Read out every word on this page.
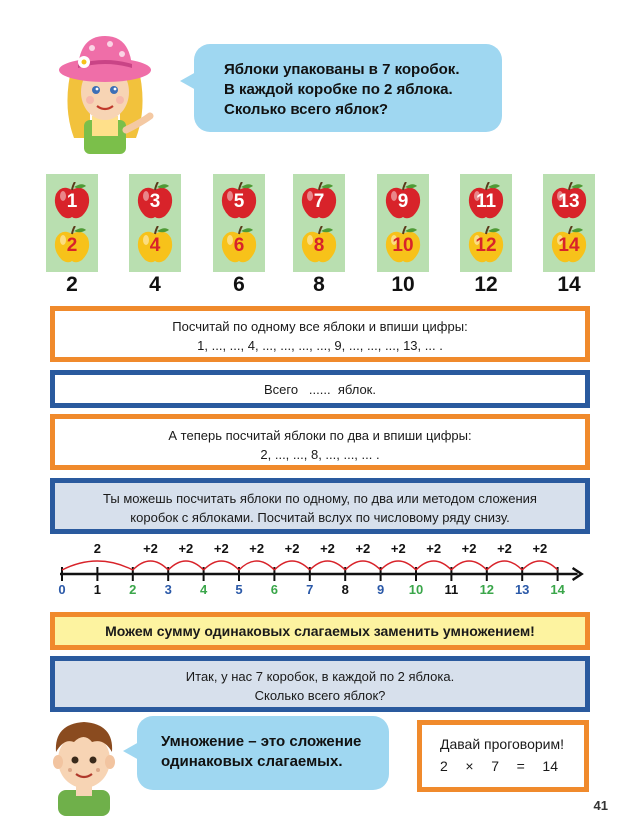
Яблоки упакованы в 7 коробок.
В каждой коробке по 2 яблока.
Сколько всего яблок?
1
2
2
3
4
4
5
6
6
7
8
8
9
10
10
11
12
12
13
14
14
Посчитай по одному все яблоки и впиши цифры:
1, ..., ..., 4, ..., ..., ..., ..., 9, ..., ..., ..., 13, ... .
Всего   ......  яблок.
А теперь посчитай яблоки по два и впиши цифры:
2, ..., ..., 8, ..., ..., ... .
Ты можешь посчитать яблоки по одному, по два или методом сложения
коробок с яблоками. Посчитай вслух по числовому ряду снизу.
2	+2	+2	+2	+2	+2	+2	+2	+2	+2	+2	+2	+2
0	1	2	3	4	5	6	7	8	9	10	11	12	13	14
Можем сумму одинаковых слагаемых заменить умножением!
Итак, у нас 7 коробок, в каждой по 2 яблока.
Сколько всего яблок?
Умножение – это сложение
одинаковых слагаемых.
Давай проговорим!
2 × 7 = 14
41
